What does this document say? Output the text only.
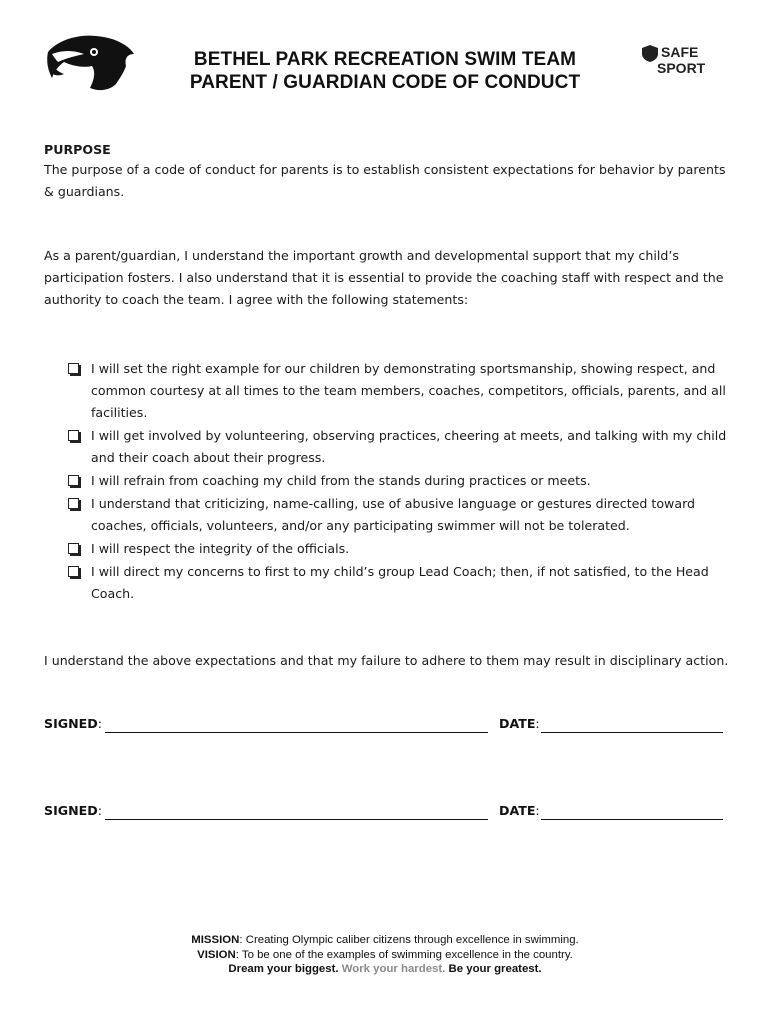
BETHEL PARK RECREATION SWIM TEAM
PARENT / GUARDIAN CODE OF CONDUCT
SAFE
SPORT
PURPOSE
The purpose of a code of conduct for parents is to establish consistent expectations for behavior by parents & guardians.
As a parent/guardian, I understand the important growth and developmental support that my child’s participation fosters. I also understand that it is essential to provide the coaching staff with respect and the authority to coach the team. I agree with the following statements:
I will set the right example for our children by demonstrating sportsmanship, showing respect, and common courtesy at all times to the team members, coaches, competitors, officials, parents, and all facilities.
I will get involved by volunteering, observing practices, cheering at meets, and talking with my child and their coach about their progress.
I will refrain from coaching my child from the stands during practices or meets.
I understand that criticizing, name-calling, use of abusive language or gestures directed toward coaches, officials, volunteers, and/or any participating swimmer will not be tolerated.
I will respect the integrity of the officials.
I will direct my concerns to first to my child’s group Lead Coach; then, if not satisfied, to the Head Coach.
I understand the above expectations and that my failure to adhere to them may result in disciplinary action.
SIGNED:	DATE:
SIGNED:	DATE:
MISSION: Creating Olympic caliber citizens through excellence in swimming.
VISION: To be one of the examples of swimming excellence in the country.
Dream your biggest. Work your hardest. Be your greatest.
